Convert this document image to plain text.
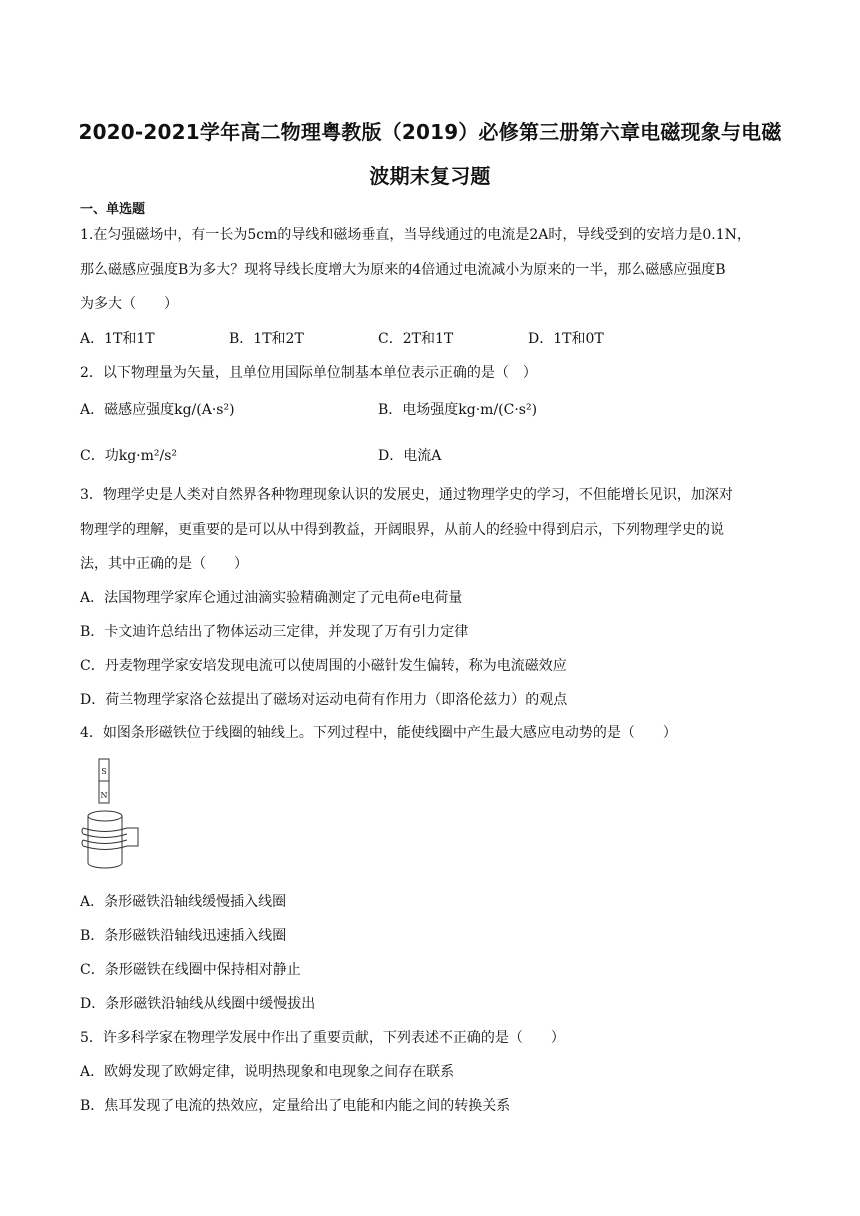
2020-2021学年高二物理粤教版（2019）必修第三册第六章电磁现象与电磁
波期末复习题
一、单选题
1.在匀强磁场中，有一长为5cm的导线和磁场垂直，当导线通过的电流是2A时，导线受到的安培力是0.1N，
那么磁感应强度B为多大？现将导线长度增大为原来的4倍通过电流减小为原来的一半，那么磁感应强度B
为多大（　　）
A．1T和1T	B．1T和2T	C．2T和1T	D．1T和0T
2．以下物理量为矢量，且单位用国际单位制基本单位表示正确的是（　）
A．磁感应强度kg/(A·s²)	B．电场强度kg·m/(C·s²)
C．功kg·m²/s²	D．电流A
3．物理学史是人类对自然界各种物理现象认识的发展史，通过物理学史的学习，不但能增长见识，加深对
物理学的理解，更重要的是可以从中得到教益，开阔眼界，从前人的经验中得到启示，下列物理学史的说
法，其中正确的是（　　）
A．法国物理学家库仑通过油滴实验精确测定了元电荷e电荷量
B．卡文迪许总结出了物体运动三定律，并发现了万有引力定律
C．丹麦物理学家安培发现电流可以使周围的小磁针发生偏转，称为电流磁效应
D．荷兰物理学家洛仑兹提出了磁场对运动电荷有作用力（即洛伦兹力）的观点
4．如图条形磁铁位于线圈的轴线上。下列过程中，能使线圈中产生最大感应电动势的是（　　）
S
N
A．条形磁铁沿轴线缓慢插入线圈
B．条形磁铁沿轴线迅速插入线圈
C．条形磁铁在线圈中保持相对静止
D．条形磁铁沿轴线从线圈中缓慢拔出
5．许多科学家在物理学发展中作出了重要贡献，下列表述不正确的是（　　）
A．欧姆发现了欧姆定律，说明热现象和电现象之间存在联系
B．焦耳发现了电流的热效应，定量给出了电能和内能之间的转换关系
